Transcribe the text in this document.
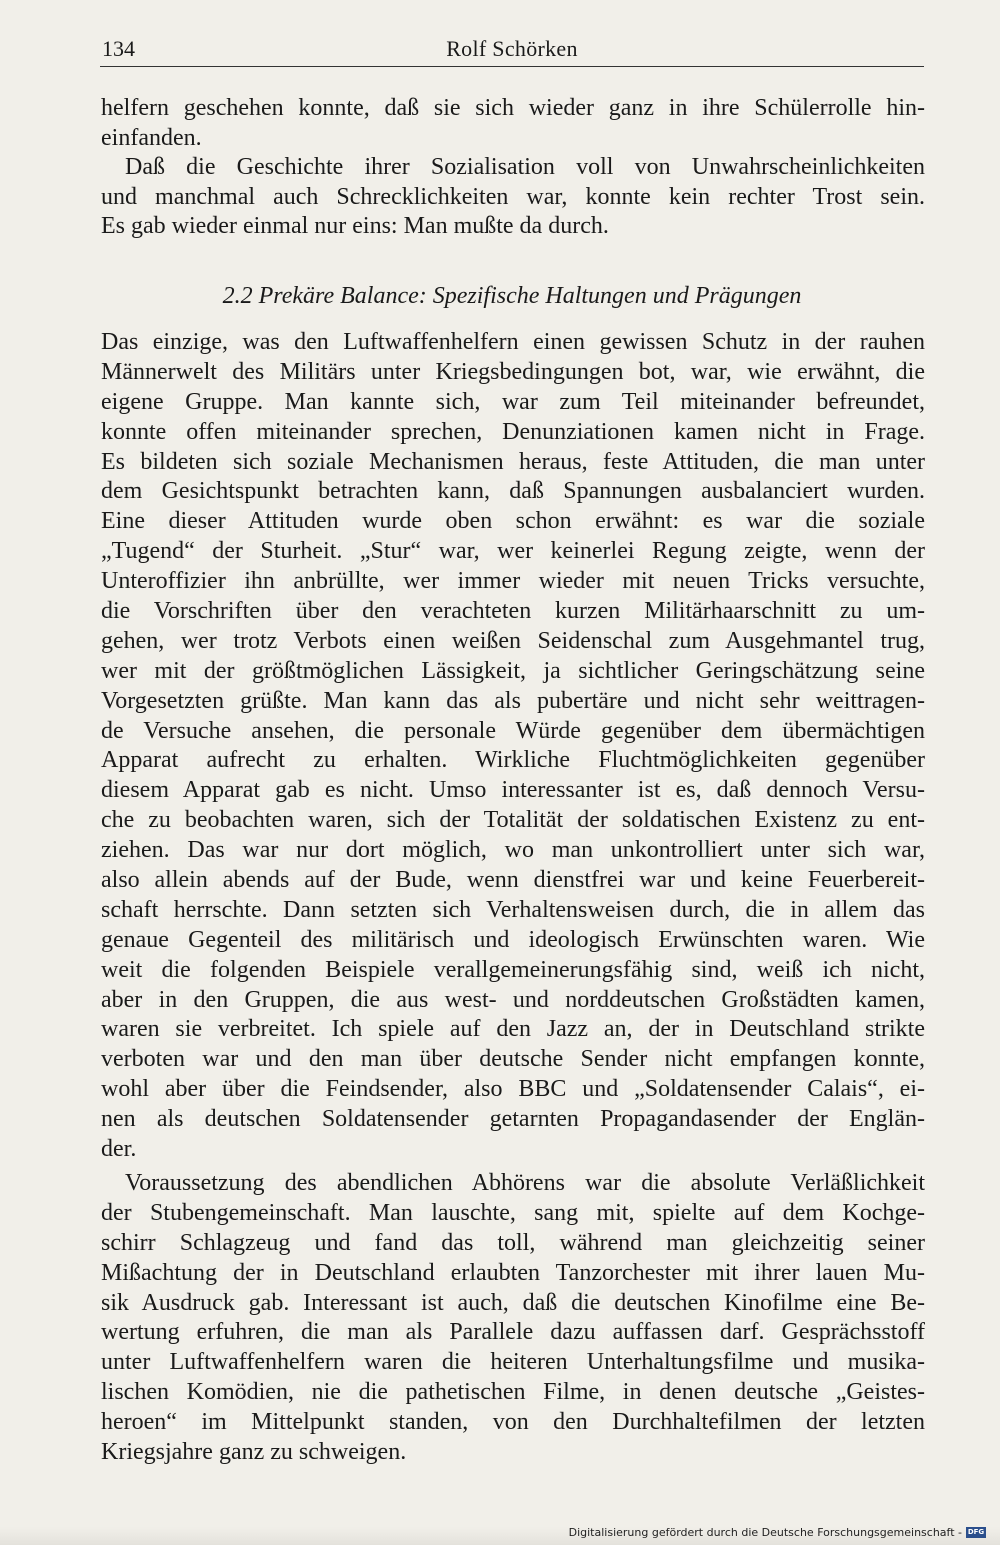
134	Rolf Schörken
helfern geschehen konnte, daß sie sich wieder ganz in ihre Schülerrolle hin-
einfanden.
Daß die Geschichte ihrer Sozialisation voll von Unwahrscheinlichkeiten
und manchmal auch Schrecklichkeiten war, konnte kein rechter Trost sein.
Es gab wieder einmal nur eins: Man mußte da durch.
2.2 Prekäre Balance: Spezifische Haltungen und Prägungen
Das einzige, was den Luftwaffenhelfern einen gewissen Schutz in der rauhen
Männerwelt des Militärs unter Kriegsbedingungen bot, war, wie erwähnt, die
eigene Gruppe. Man kannte sich, war zum Teil miteinander befreundet,
konnte offen miteinander sprechen, Denunziationen kamen nicht in Frage.
Es bildeten sich soziale Mechanismen heraus, feste Attituden, die man unter
dem Gesichtspunkt betrachten kann, daß Spannungen ausbalanciert wurden.
Eine dieser Attituden wurde oben schon erwähnt: es war die soziale
„Tugend“ der Sturheit. „Stur“ war, wer keinerlei Regung zeigte, wenn der
Unteroffizier ihn anbrüllte, wer immer wieder mit neuen Tricks versuchte,
die Vorschriften über den verachteten kurzen Militärhaarschnitt zu um-
gehen, wer trotz Verbots einen weißen Seidenschal zum Ausgehmantel trug,
wer mit der größtmöglichen Lässigkeit, ja sichtlicher Geringschätzung seine
Vorgesetzten grüßte. Man kann das als pubertäre und nicht sehr weittragen-
de Versuche ansehen, die personale Würde gegenüber dem übermächtigen
Apparat aufrecht zu erhalten. Wirkliche Fluchtmöglichkeiten gegenüber
diesem Apparat gab es nicht. Umso interessanter ist es, daß dennoch Versu-
che zu beobachten waren, sich der Totalität der soldatischen Existenz zu ent-
ziehen. Das war nur dort möglich, wo man unkontrolliert unter sich war,
also allein abends auf der Bude, wenn dienstfrei war und keine Feuerbereit-
schaft herrschte. Dann setzten sich Verhaltensweisen durch, die in allem das
genaue Gegenteil des militärisch und ideologisch Erwünschten waren. Wie
weit die folgenden Beispiele verallgemeinerungsfähig sind, weiß ich nicht,
aber in den Gruppen, die aus west- und norddeutschen Großstädten kamen,
waren sie verbreitet. Ich spiele auf den Jazz an, der in Deutschland strikte
verboten war und den man über deutsche Sender nicht empfangen konnte,
wohl aber über die Feindsender, also BBC und „Soldatensender Calais“, ei-
nen als deutschen Soldatensender getarnten Propagandasender der Englän-
der.
Voraussetzung des abendlichen Abhörens war die absolute Verläßlichkeit
der Stubengemeinschaft. Man lauschte, sang mit, spielte auf dem Kochge-
schirr Schlagzeug und fand das toll, während man gleichzeitig seiner
Mißachtung der in Deutschland erlaubten Tanzorchester mit ihrer lauen Mu-
sik Ausdruck gab. Interessant ist auch, daß die deutschen Kinofilme eine Be-
wertung erfuhren, die man als Parallele dazu auffassen darf. Gesprächsstoff
unter Luftwaffenhelfern waren die heiteren Unterhaltungsfilme und musika-
lischen Komödien, nie die pathetischen Filme, in denen deutsche „Geistes-
heroen“ im Mittelpunkt standen, von den Durchhaltefilmen der letzten
Kriegsjahre ganz zu schweigen.
Digitalisierung gefördert durch die Deutsche Forschungsgemeinschaft - DFG
